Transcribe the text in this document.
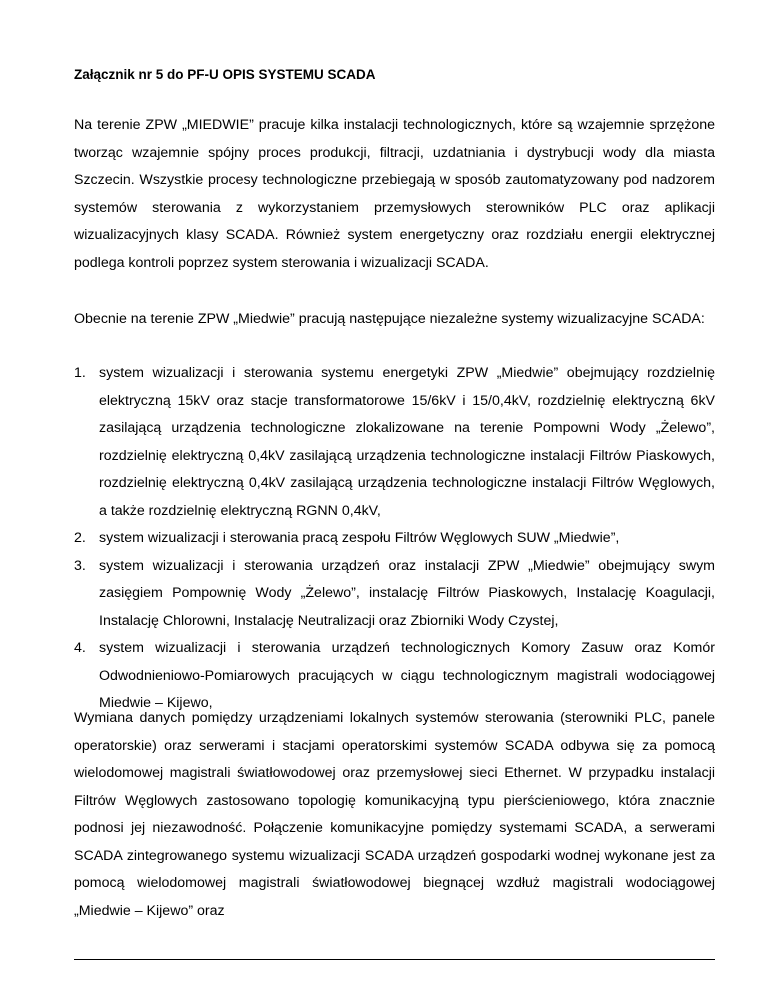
Załącznik nr 5 do PF-U OPIS SYSTEMU SCADA

Na terenie ZPW „MIEDWIE” pracuje kilka instalacji technologicznych, które są wzajemnie sprzężone tworząc wzajemnie spójny proces produkcji, filtracji, uzdatniania i dystrybucji wody dla miasta Szczecin. Wszystkie procesy technologiczne przebiegają w sposób zautomatyzowany pod nadzorem systemów sterowania z wykorzystaniem przemysłowych sterowników PLC oraz aplikacji wizualizacyjnych klasy SCADA. Również system energetyczny oraz rozdziału energii elektrycznej podlega kontroli poprzez system sterowania i wizualizacji SCADA.

Obecnie na terenie ZPW „Miedwie” pracują następujące niezależne systemy wizualizacyjne SCADA:

1. system wizualizacji i sterowania systemu energetyki ZPW „Miedwie” obejmujący rozdzielnię elektryczną 15kV oraz stacje transformatorowe 15/6kV i 15/0,4kV, rozdzielnię elektryczną 6kV zasilającą urządzenia technologiczne zlokalizowane na terenie Pompowni Wody „Żelewo”, rozdzielnię elektryczną 0,4kV zasilającą urządzenia technologiczne instalacji Filtrów Piaskowych, rozdzielnię elektryczną 0,4kV zasilającą urządzenia technologiczne instalacji Filtrów Węglowych, a także rozdzielnię elektryczną RGNN 0,4kV,
2. system wizualizacji i sterowania pracą zespołu Filtrów Węglowych SUW „Miedwie”,
3. system wizualizacji i sterowania urządzeń oraz instalacji ZPW „Miedwie” obejmujący swym zasięgiem Pompownię Wody „Żelewo”, instalację Filtrów Piaskowych, Instalację Koagulacji, Instalację Chlorowni, Instalację Neutralizacji oraz Zbiorniki Wody Czystej,
4. system wizualizacji i sterowania urządzeń technologicznych Komory Zasuw oraz Komór Odwodnieniowo-Pomiarowych pracujących w ciągu technologicznym magistrali wodociągowej Miedwie – Kijewo,

Wymiana danych pomiędzy urządzeniami lokalnych systemów sterowania (sterowniki PLC, panele operatorskie) oraz serwerami i stacjami operatorskimi systemów SCADA odbywa się za pomocą wielodomowej magistrali światłowodowej oraz przemysłowej sieci Ethernet. W przypadku instalacji Filtrów Węglowych zastosowano topologię komunikacyjną typu pierścieniowego, która znacznie podnosi jej niezawodność. Połączenie komunikacyjne pomiędzy systemami SCADA, a serwerami SCADA zintegrowanego systemu wizualizacji SCADA urządzeń gospodarki wodnej wykonane jest za pomocą wielodomowej magistrali światłowodowej biegnącej wzdłuż magistrali wodociągowej „Miedwie – Kijewo” oraz
